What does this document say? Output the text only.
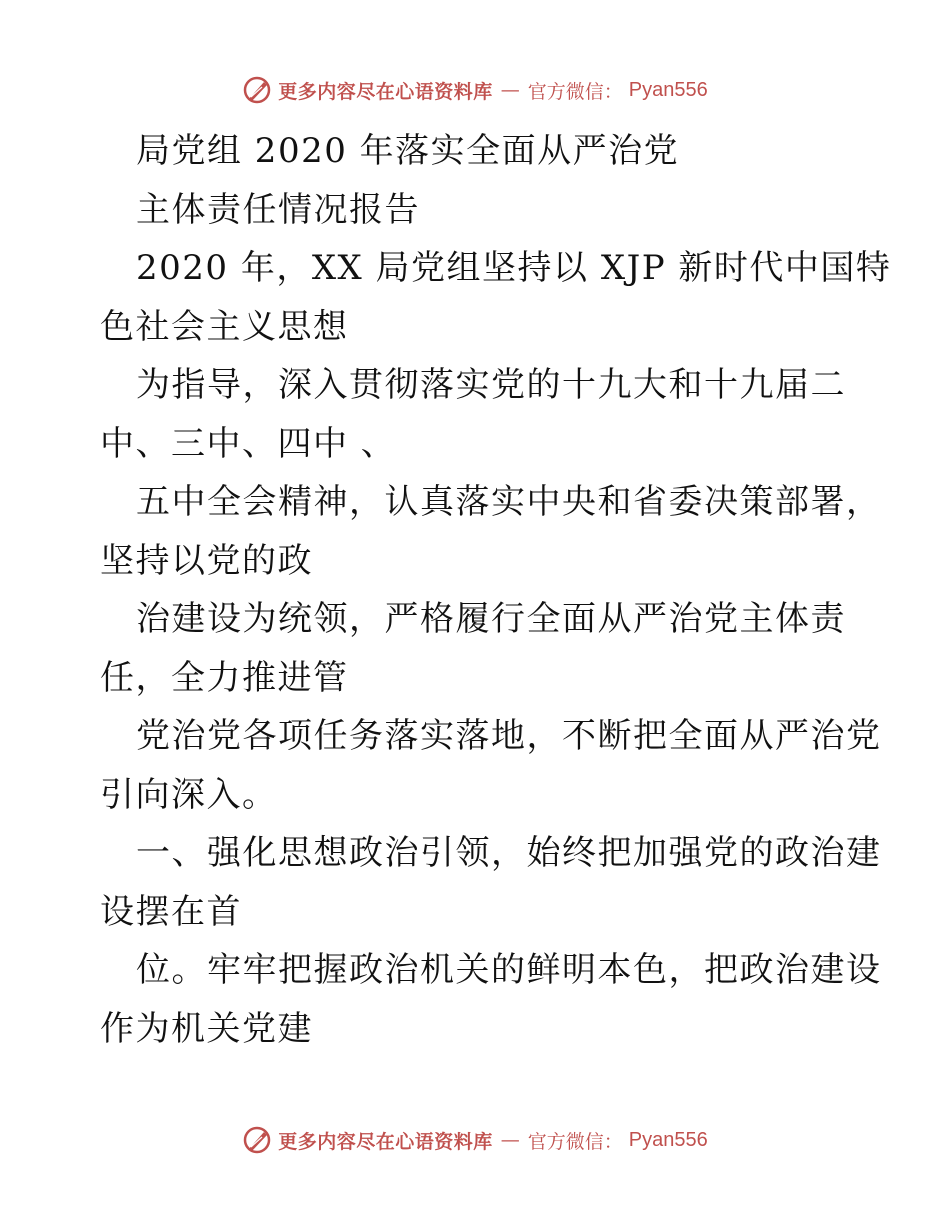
更多内容尽在心语资料库 — 官方微信： Pyan556
局党组 2020 年落实全面从严治党
主体责任情况报告
2020 年，XX 局党组坚持以 XJP 新时代中国特
色社会主义思想
为指导，深入贯彻落实党的十九大和十九届二
中、三中、四中 、
五中全会精神，认真落实中央和省委决策部署，
坚持以党的政
治建设为统领，严格履行全面从严治党主体责
任，全力推进管
党治党各项任务落实落地，不断把全面从严治党
引向深入。
一、强化思想政治引领，始终把加强党的政治建
设摆在首
位。牢牢把握政治机关的鲜明本色，把政治建设
作为机关党建
更多内容尽在心语资料库 — 官方微信： Pyan556
